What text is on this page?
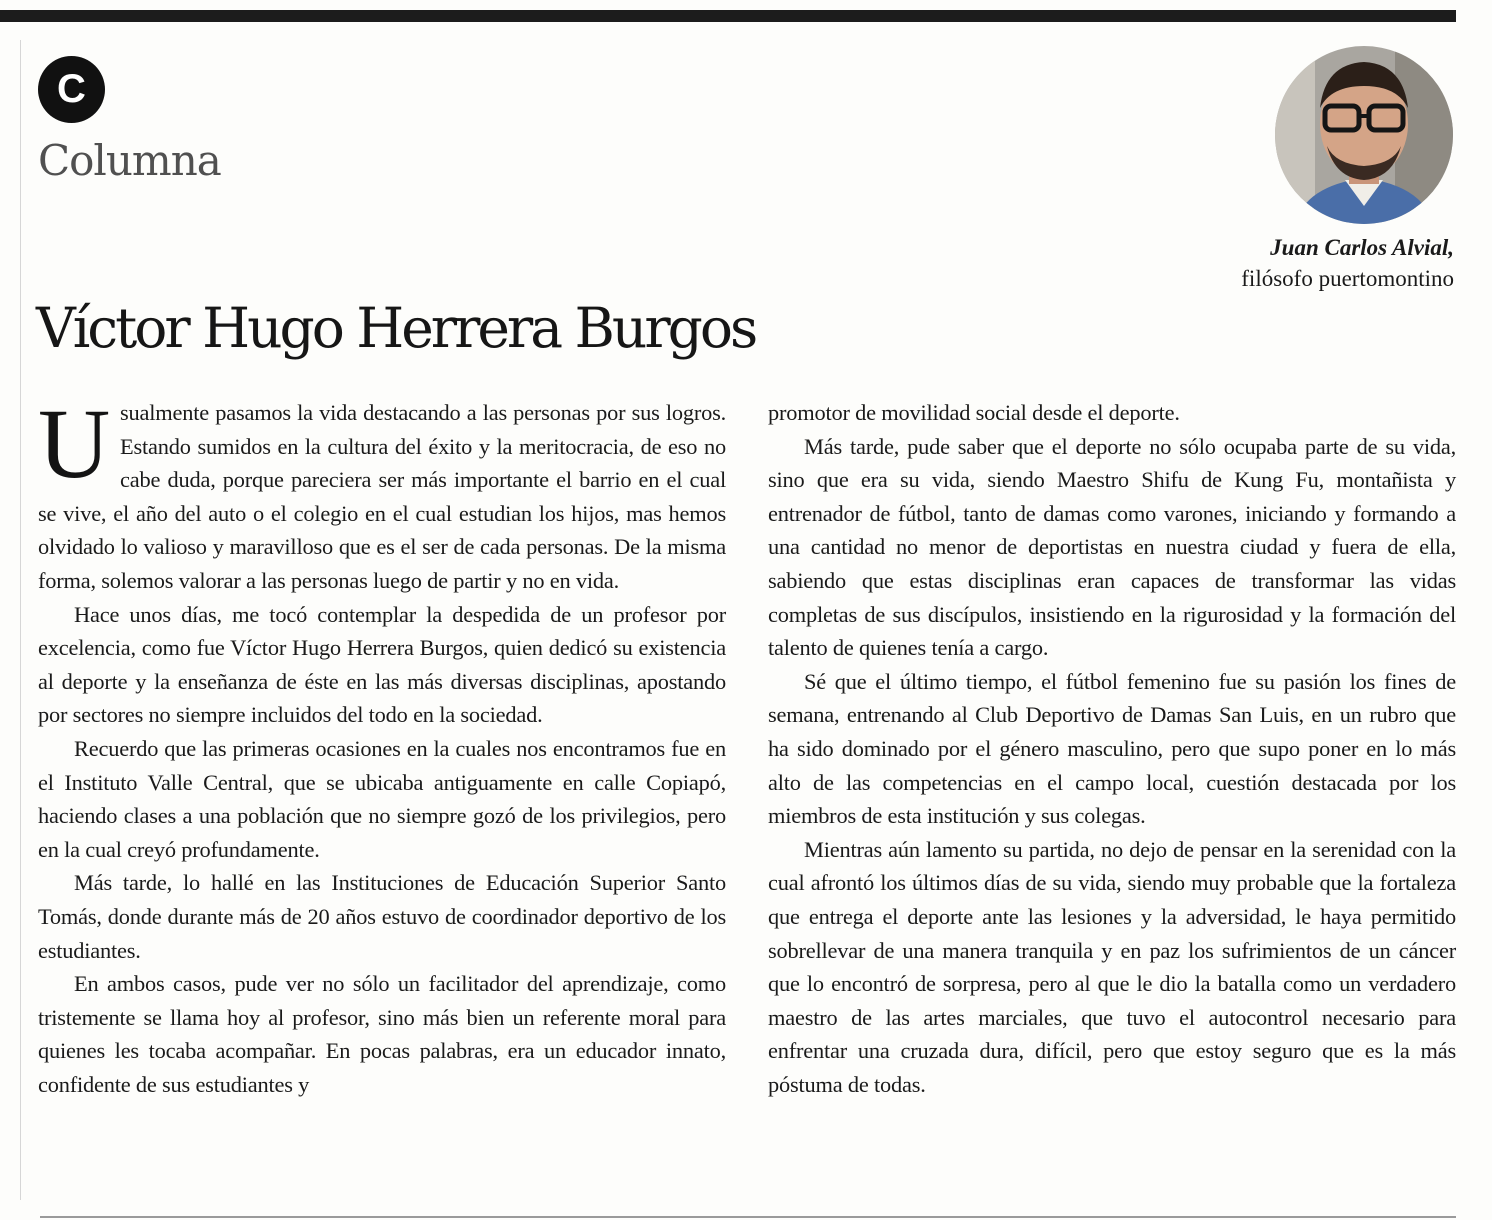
C
Columna
Juan Carlos Alvial,
filósofo puertomontino
Víctor Hugo Herrera Burgos

Usualmente pasamos la vida destacando a las personas por sus logros. Estando sumidos en la cultura del éxito y la meritocracia, de eso no cabe duda, porque pareciera ser más importante el barrio en el cual se vive, el año del auto o el colegio en el cual estudian los hijos, mas hemos olvidado lo valioso y maravilloso que es el ser de cada personas. De la misma forma, solemos valorar a las personas luego de partir y no en vida.

Hace unos días, me tocó contemplar la despedida de un profesor por excelencia, como fue Víctor Hugo Herrera Burgos, quien dedicó su existencia al deporte y la enseñanza de éste en las más diversas disciplinas, apostando por sectores no siempre incluidos del todo en la sociedad.

Recuerdo que las primeras ocasiones en la cuales nos encontramos fue en el Instituto Valle Central, que se ubicaba antiguamente en calle Copiapó, haciendo clases a una población que no siempre gozó de los privilegios, pero en la cual creyó profundamente.

Más tarde, lo hallé en las Instituciones de Educación Superior Santo Tomás, donde durante más de 20 años estuvo de coordinador deportivo de los estudiantes.

En ambos casos, pude ver no sólo un facilitador del aprendizaje, como tristemente se llama hoy al profesor, sino más bien un referente moral para quienes les tocaba acompañar. En pocas palabras, era un educador innato, confidente de sus estudiantes y

promotor de movilidad social desde el deporte.

Más tarde, pude saber que el deporte no sólo ocupaba parte de su vida, sino que era su vida, siendo Maestro Shifu de Kung Fu, montañista y entrenador de fútbol, tanto de damas como varones, iniciando y formando a una cantidad no menor de deportistas en nuestra ciudad y fuera de ella, sabiendo que estas disciplinas eran capaces de transformar las vidas completas de sus discípulos, insistiendo en la rigurosidad y la formación del talento de quienes tenía a cargo.

Sé que el último tiempo, el fútbol femenino fue su pasión los fines de semana, entrenando al Club Deportivo de Damas San Luis, en un rubro que ha sido dominado por el género masculino, pero que supo poner en lo más alto de las competencias en el campo local, cuestión destacada por los miembros de esta institución y sus colegas.

Mientras aún lamento su partida, no dejo de pensar en la serenidad con la cual afrontó los últimos días de su vida, siendo muy probable que la fortaleza que entrega el deporte ante las lesiones y la adversidad, le haya permitido sobrellevar de una manera tranquila y en paz los sufrimientos de un cáncer que lo encontró de sorpresa, pero al que le dio la batalla como un verdadero maestro de las artes marciales, que tuvo el autocontrol necesario para enfrentar una cruzada dura, difícil, pero que estoy seguro que es la más póstuma de todas.
